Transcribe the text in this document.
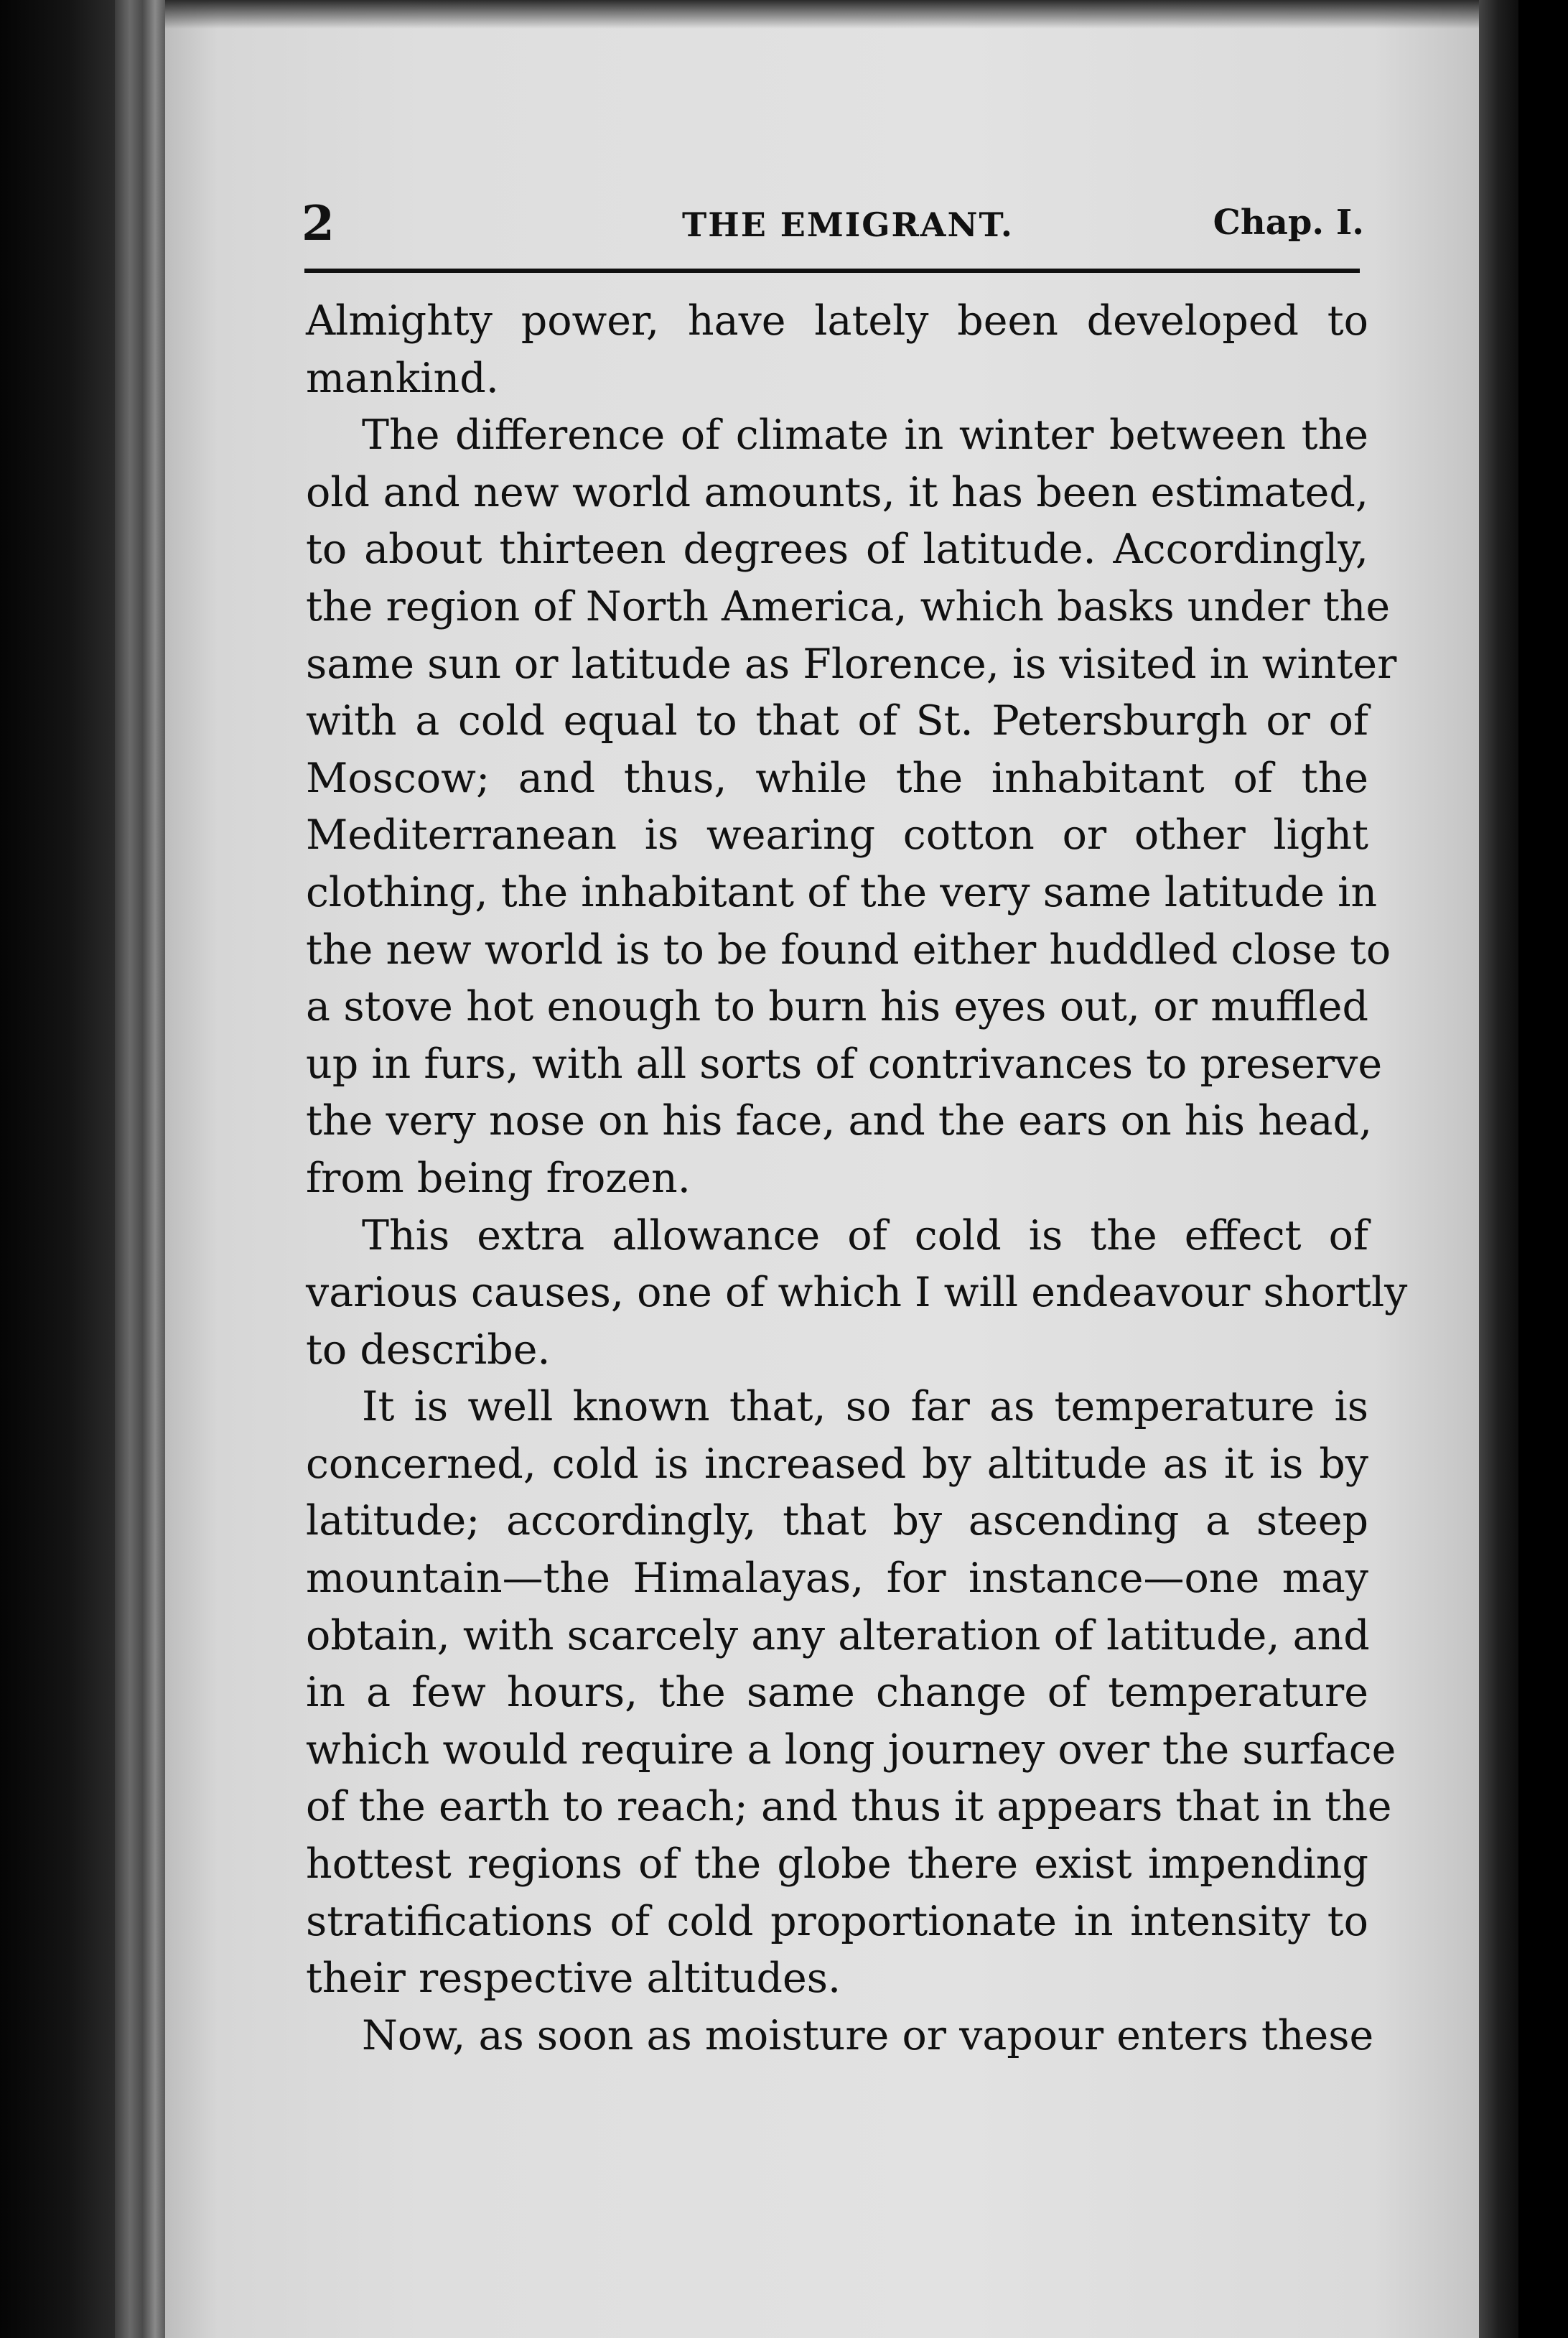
2	THE EMIGRANT.	Chap. I.
Almighty power, have lately been developed to
mankind.
The difference of climate in winter between the
old and new world amounts, it has been estimated,
to about thirteen degrees of latitude. Accordingly,
the region of North America, which basks under the
same sun or latitude as Florence, is visited in winter
with a cold equal to that of St. Petersburgh or of
Moscow; and thus, while the inhabitant of the
Mediterranean is wearing cotton or other light
clothing, the inhabitant of the very same latitude in
the new world is to be found either huddled close to
a stove hot enough to burn his eyes out, or muffled
up in furs, with all sorts of contrivances to preserve
the very nose on his face, and the ears on his head,
from being frozen.
This extra allowance of cold is the effect of
various causes, one of which I will endeavour shortly
to describe.
It is well known that, so far as temperature is
concerned, cold is increased by altitude as it is by
latitude; accordingly, that by ascending a steep
mountain—the Himalayas, for instance—one may
obtain, with scarcely any alteration of latitude, and
in a few hours, the same change of temperature
which would require a long journey over the surface
of the earth to reach; and thus it appears that in the
hottest regions of the globe there exist impending
stratifications of cold proportionate in intensity to
their respective altitudes.
Now, as soon as moisture or vapour enters these
